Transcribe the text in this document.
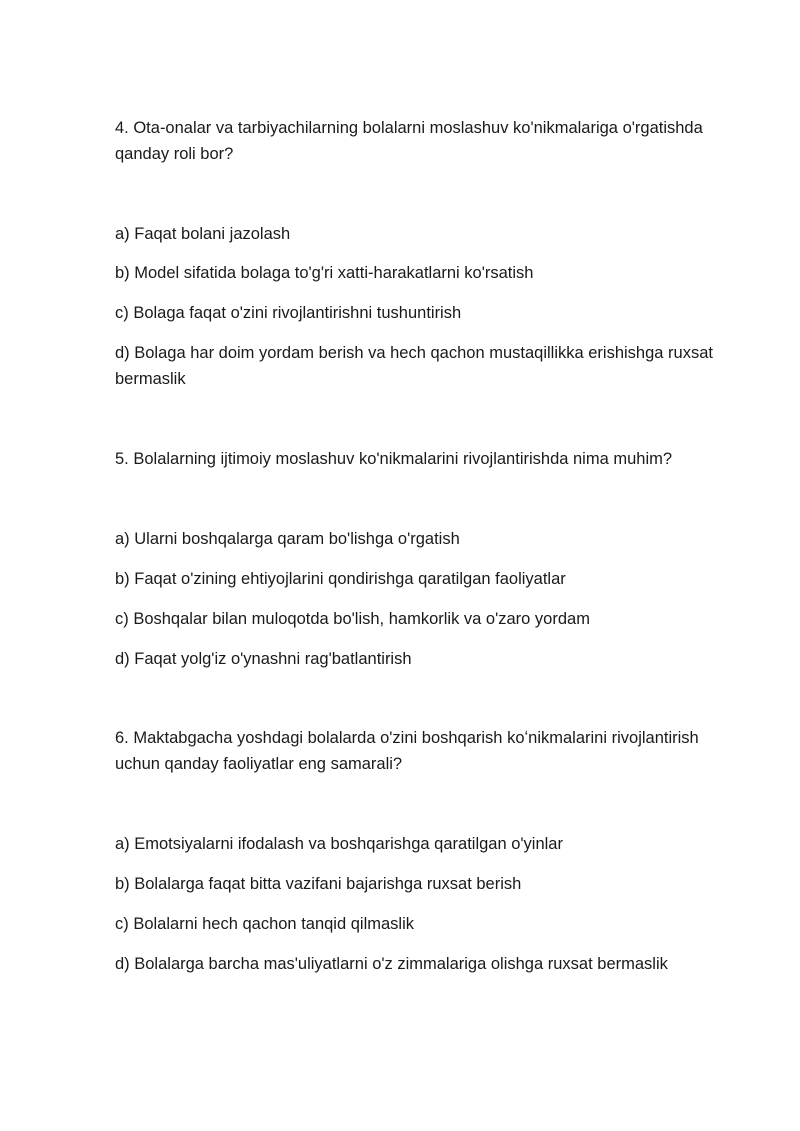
4. Ota-onalar va tarbiyachilarning bolalarni moslashuv ko'nikmalariga o'rgatishda qanday roli bor?

a) Faqat bolani jazolash

b) Model sifatida bolaga to'g'ri xatti-harakatlarni ko'rsatish

c) Bolaga faqat o'zini rivojlantirishni tushuntirish

d) Bolaga har doim yordam berish va hech qachon mustaqillikka erishishga ruxsat bermaslik

5. Bolalarning ijtimoiy moslashuv ko'nikmalarini rivojlantirishda nima muhim?

a) Ularni boshqalarga qaram bo'lishga o'rgatish

b) Faqat o'zining ehtiyojlarini qondirishga qaratilgan faoliyatlar

c) Boshqalar bilan muloqotda bo'lish, hamkorlik va o'zaro yordam

d) Faqat yolg'iz o'ynashni rag'batlantirish

6. Maktabgacha yoshdagi bolalarda o'zini boshqarish koʻnikmalarini rivojlantirish uchun qanday faoliyatlar eng samarali?

a) Emotsiyalarni ifodalash va boshqarishga qaratilgan o'yinlar

b) Bolalarga faqat bitta vazifani bajarishga ruxsat berish

c) Bolalarni hech qachon tanqid qilmaslik

d) Bolalarga barcha mas'uliyatlarni o'z zimmalariga olishga ruxsat bermaslik
